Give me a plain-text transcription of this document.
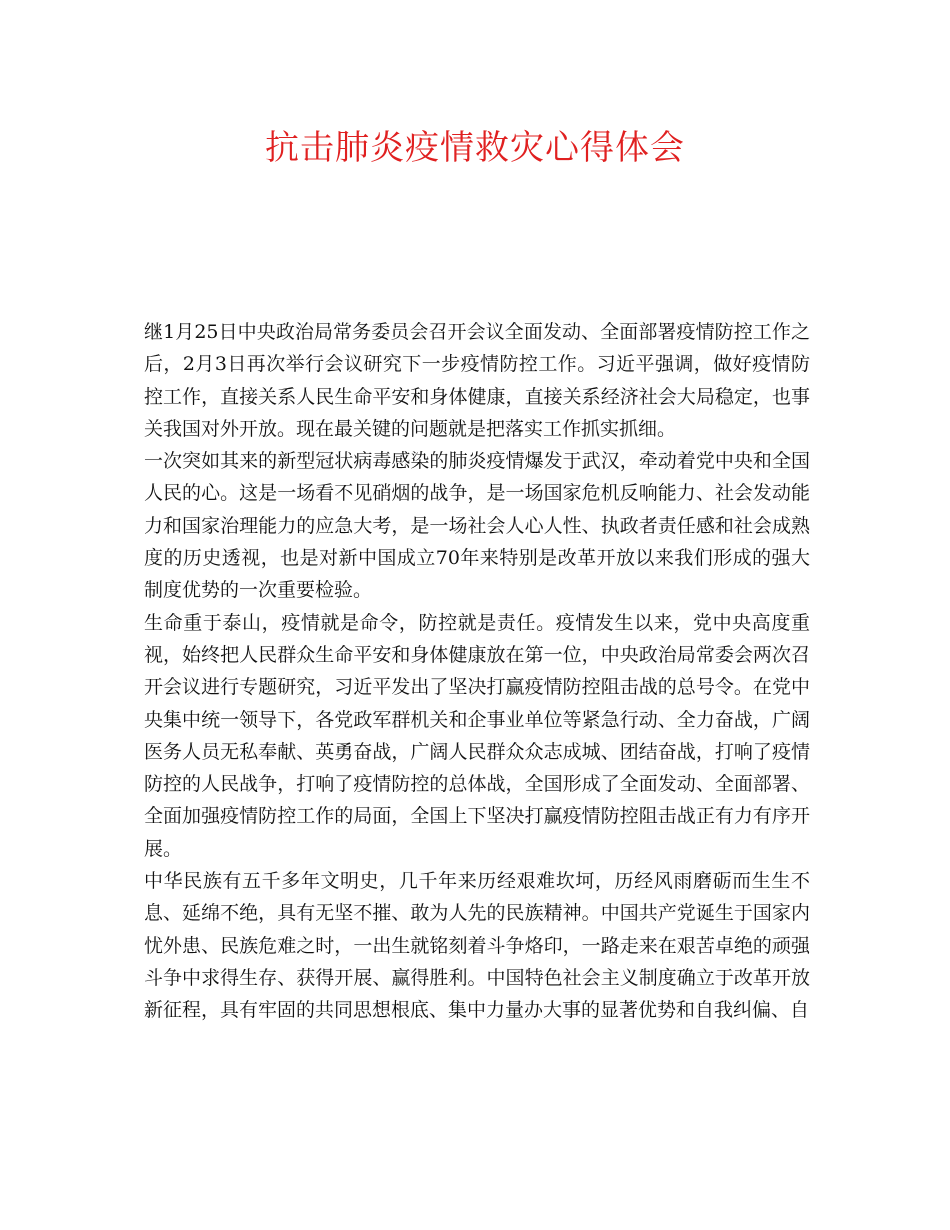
抗击肺炎疫情救灾心得体会

继1月25日中央政治局常务委员会召开会议全面发动、全面部署疫情防控工作之后，2月3日再次举行会议研究下一步疫情防控工作。习近平强调，做好疫情防控工作，直接关系人民生命平安和身体健康，直接关系经济社会大局稳定，也事关我国对外开放。现在最关键的问题就是把落实工作抓实抓细。

一次突如其来的新型冠状病毒感染的肺炎疫情爆发于武汉，牵动着党中央和全国人民的心。这是一场看不见硝烟的战争，是一场国家危机反响能力、社会发动能力和国家治理能力的应急大考，是一场社会人心人性、执政者责任感和社会成熟度的历史透视，也是对新中国成立70年来特别是改革开放以来我们形成的强大制度优势的一次重要检验。

生命重于泰山，疫情就是命令，防控就是责任。疫情发生以来，党中央高度重视，始终把人民群众生命平安和身体健康放在第一位，中央政治局常委会两次召开会议进行专题研究，习近平发出了坚决打赢疫情防控阻击战的总号令。在党中央集中统一领导下，各党政军群机关和企事业单位等紧急行动、全力奋战，广阔医务人员无私奉献、英勇奋战，广阔人民群众众志成城、团结奋战，打响了疫情防控的人民战争，打响了疫情防控的总体战，全国形成了全面发动、全面部署、全面加强疫情防控工作的局面，全国上下坚决打赢疫情防控阻击战正有力有序开展。

中华民族有五千多年文明史，几千年来历经艰难坎坷，历经风雨磨砺而生生不息、延绵不绝，具有无坚不摧、敢为人先的民族精神。中国共产党诞生于国家内忧外患、民族危难之时，一出生就铭刻着斗争烙印，一路走来在艰苦卓绝的顽强斗争中求得生存、获得开展、赢得胜利。中国特色社会主义制度确立于改革开放新征程，具有牢固的共同思想根底、集中力量办大事的显著优势和自我纠偏、自
